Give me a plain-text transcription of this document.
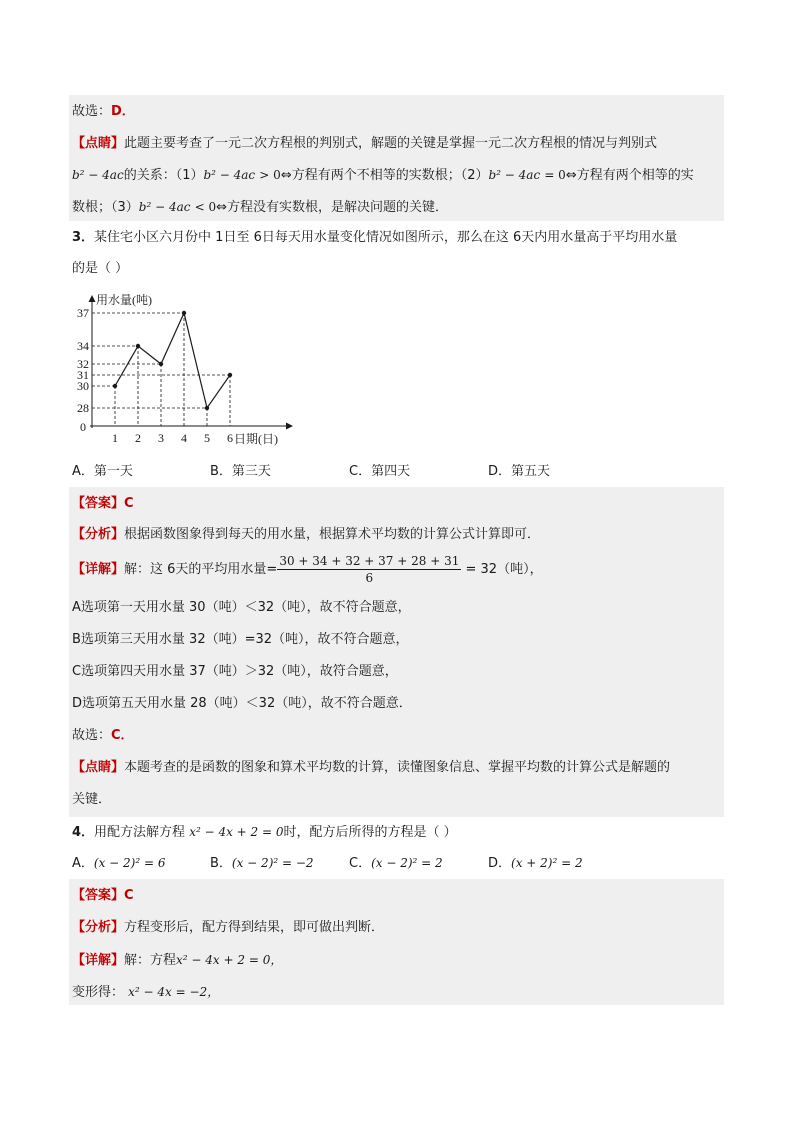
故选：D．
【点睛】此题主要考查了一元二次方程根的判别式，解题的关键是掌握一元二次方程根的情况与判别式
b² − 4ac的关系：（1）b² − 4ac > 0⇔方程有两个不相等的实数根；（2）b² − 4ac = 0⇔方程有两个相等的实
数根；（3）b² − 4ac < 0⇔方程没有实数根，是解决问题的关键．
3．某住宅小区六月份中 1日至 6日每天用水量变化情况如图所示，那么在这 6天内用水量高于平均用水量
的是（ ）
37
34
32
31
30
28
1 2 3 4 5 6
0
用水量(吨)
日期(日)
A．第一天	B．第三天	C．第四天	D．第五天
【答案】C
【分析】根据函数图象得到每天的用水量，根据算术平均数的计算公式计算即可．
【详解】解：这 6天的平均用水量= $\frac{30 + 34 + 32 + 37 + 28 + 31}{6} = 32$（吨），
A选项第一天用水量 30（吨）＜32（吨），故不符合题意，
B选项第三天用水量 32（吨）=32（吨），故不符合题意，
C选项第四天用水量 37（吨）＞32（吨），故符合题意，
D选项第五天用水量 28（吨）＜32（吨），故不符合题意．
故选：C．
【点睛】本题考查的是函数的图象和算术平均数的计算，读懂图象信息、掌握平均数的计算公式是解题的
关键．
4．用配方法解方程 x² − 4x + 2 = 0时，配方后所得的方程是（ ）
A．(x − 2)² = 6	B．(x − 2)² = −2	C．(x − 2)² = 2	D．(x + 2)² = 2
【答案】C
【分析】方程变形后，配方得到结果，即可做出判断．
【详解】解：方程x² − 4x + 2 = 0，
变形得： x² − 4x = −2，
